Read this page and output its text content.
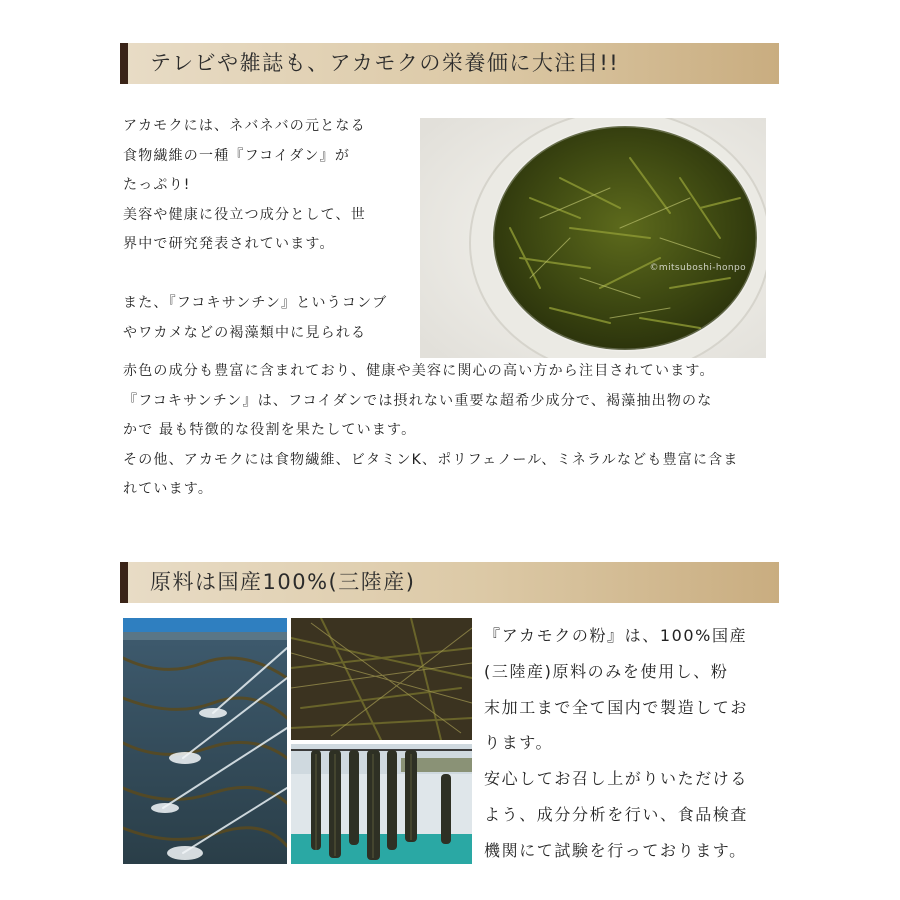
テレビや雑誌も、アカモクの栄養価に大注目!!
アカモクには、ネバネバの元となる
食物繊維の一種『フコイダン』が
たっぷり!
美容や健康に役立つ成分として、世
界中で研究発表されています。
また、『フコキサンチン』というコンブ
やワカメなどの褐藻類中に見られる
赤色の成分も豊富に含まれており、健康や美容に関心の高い方から注目されています。
『フコキサンチン』は、フコイダンでは摂れない重要な超希少成分で、褐藻抽出物のな
かで 最も特徴的な役割を果たしています。
その他、アカモクには食物繊維、ビタミンK、ポリフェノール、ミネラルなども豊富に含ま
れています。
©mitsuboshi-honpo
原料は国産100%(三陸産)
『アカモクの粉』は、100%国産
(三陸産)原料のみを使用し、粉
末加工まで全て国内で製造してお
ります。
安心してお召し上がりいただける
よう、成分分析を行い、食品検査
機関にて試験を行っております。
